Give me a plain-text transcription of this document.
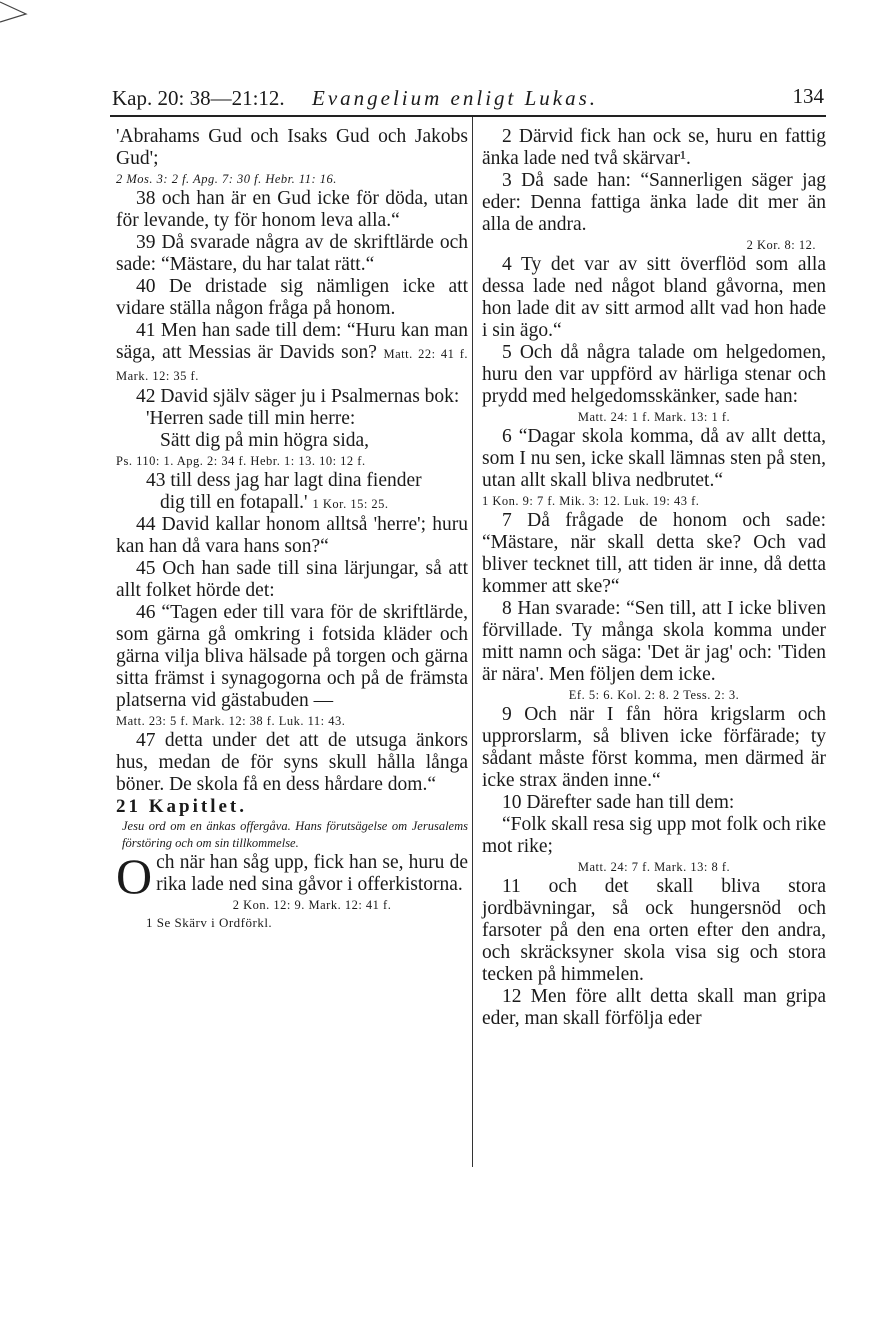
Kap. 20: 38—21:12. Evangelium enligt Lukas.	134

'Abrahams Gud och Isaks Gud och Jakobs Gud';

2 Mos. 3: 2 f. Apg. 7: 30 f. Hebr. 11: 16.

38 och han är en Gud icke för döda, utan för levande, ty för honom leva alla.“

39 Då svarade några av de skriftlärde och sade: “Mästare, du har talat rätt.“

40 De dristade sig nämligen icke att vidare ställa någon fråga på honom.

41 Men han sade till dem: “Huru kan man säga, att Messias är Davids son? Matt. 22: 41 f. Mark. 12: 35 f.

42 David själv säger ju i Psalmernas bok:

'Herren sade till min herre:

Sätt dig på min högra sida,

Ps. 110: 1. Apg. 2: 34 f. Hebr. 1: 13. 10: 12 f.

43 till dess jag har lagt dina fiender

dig till en fotapall.' 1 Kor. 15: 25.

44 David kallar honom alltså 'herre'; huru kan han då vara hans son?“

45 Och han sade till sina lärjungar, så att allt folket hörde det:

46 “Tagen eder till vara för de skriftlärde, som gärna gå omkring i fotsida kläder och gärna vilja bliva hälsade på torgen och gärna sitta främst i synagogorna och på de främsta platserna vid gästabuden —

Matt. 23: 5 f. Mark. 12: 38 f. Luk. 11: 43.

47 detta under det att de utsuga änkors hus, medan de för syns skull hålla långa böner. De skola få en dess hårdare dom.“

21 Kapitlet.

Jesu ord om en änkas offergåva. Hans förutsägelse om Jerusalems förstöring och om sin tillkommelse.

Och när han såg upp, fick han se, huru de rika lade ned sina gåvor i offerkistorna.

2 Kon. 12: 9. Mark. 12: 41 f.

1 Se Skärv i Ordförkl.

2 Därvid fick han ock se, huru en fattig änka lade ned två skärvar¹.

3 Då sade han: “Sannerligen säger jag eder: Denna fattiga änka lade dit mer än alla de andra.

2 Kor. 8: 12.

4 Ty det var av sitt överflöd som alla dessa lade ned något bland gåvorna, men hon lade dit av sitt armod allt vad hon hade i sin ägo.“

5 Och då några talade om helgedomen, huru den var uppförd av härliga stenar och prydd med helgedomsskänker, sade han:

Matt. 24: 1 f. Mark. 13: 1 f.

6 “Dagar skola komma, då av allt detta, som I nu sen, icke skall lämnas sten på sten, utan allt skall bliva nedbrutet.“

1 Kon. 9: 7 f. Mik. 3: 12. Luk. 19: 43 f.

7 Då frågade de honom och sade: “Mästare, när skall detta ske? Och vad bliver tecknet till, att tiden är inne, då detta kommer att ske?“

8 Han svarade: “Sen till, att I icke bliven förvillade. Ty många skola komma under mitt namn och säga: 'Det är jag' och: 'Tiden är nära'. Men följen dem icke.

Ef. 5: 6. Kol. 2: 8. 2 Tess. 2: 3.

9 Och när I fån höra krigslarm och upprorslarm, så bliven icke förfärade; ty sådant måste först komma, men därmed är icke strax änden inne.“

10 Därefter sade han till dem:

“Folk skall resa sig upp mot folk och rike mot rike;

Matt. 24: 7 f. Mark. 13: 8 f.

11 och det skall bliva stora jordbävningar, så ock hungersnöd och farsoter på den ena orten efter den andra, och skräcksyner skola visa sig och stora tecken på himmelen.

12 Men före allt detta skall man gripa eder, man skall förfölja eder
